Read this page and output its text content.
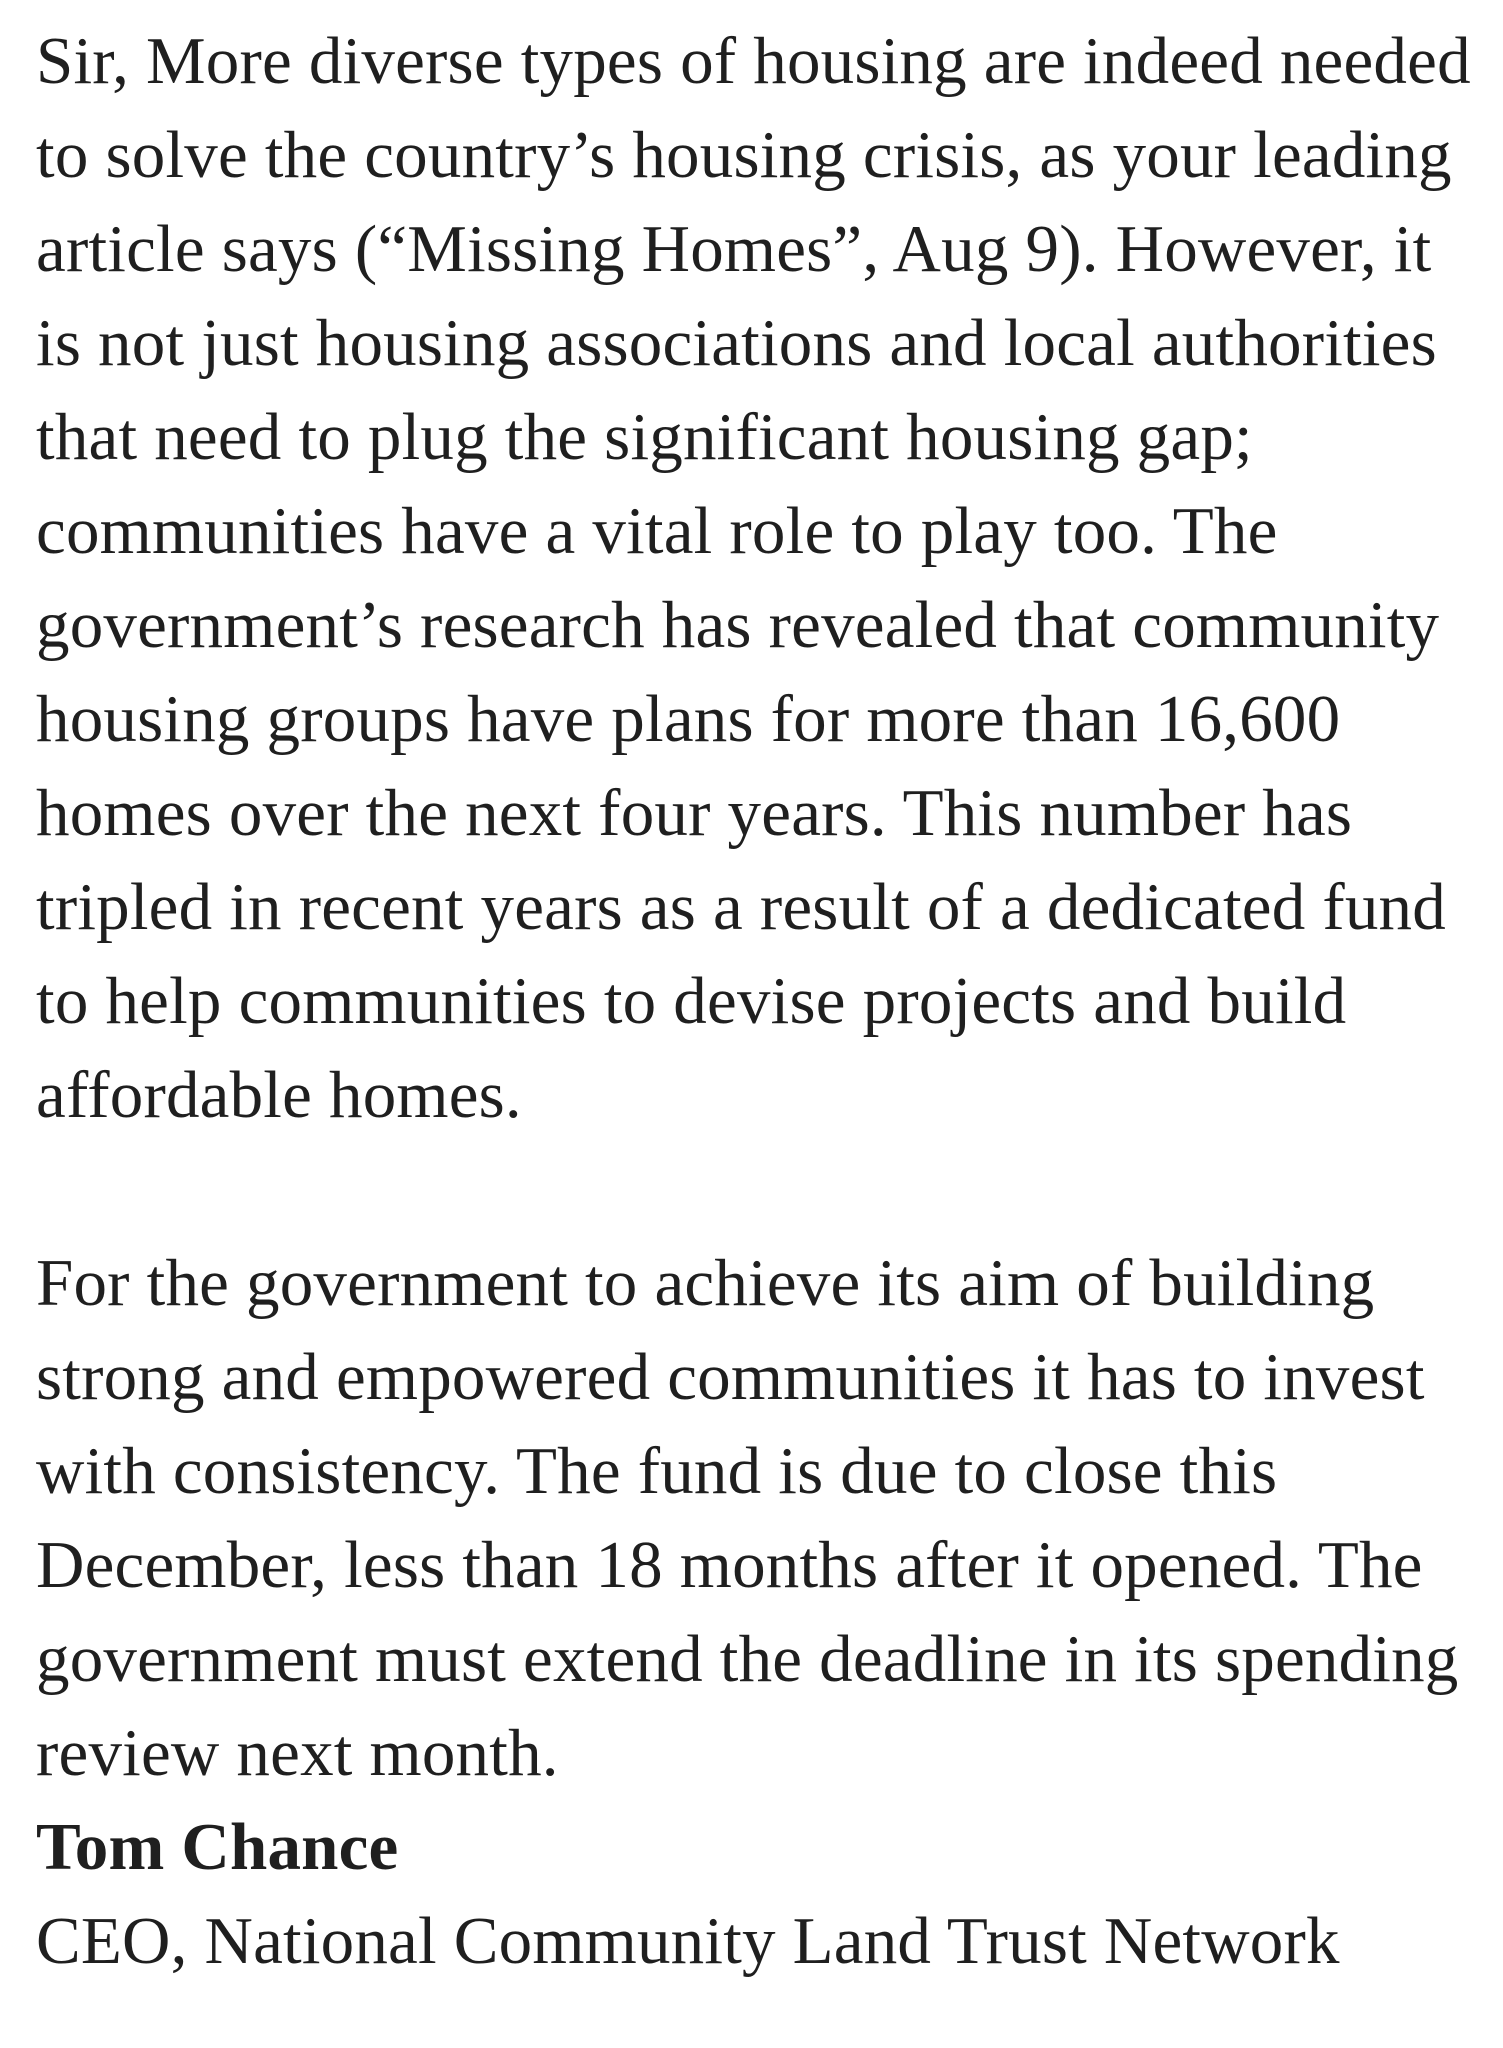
Sir, More diverse types of housing are indeed needed to solve the country’s housing crisis, as your leading article says (“Missing Homes”, Aug 9). However, it is not just housing associations and local authorities that need to plug the significant housing gap; communities have a vital role to play too. The government’s research has revealed that community housing groups have plans for more than 16,600 homes over the next four years. This number has tripled in recent years as a result of a dedicated fund to help communities to devise projects and build affordable homes.

For the government to achieve its aim of building strong and empowered communities it has to invest with consistency. The fund is due to close this December, less than 18 months after it opened. The government must extend the deadline in its spending review next month.

Tom Chance

CEO, National Community Land Trust Network
